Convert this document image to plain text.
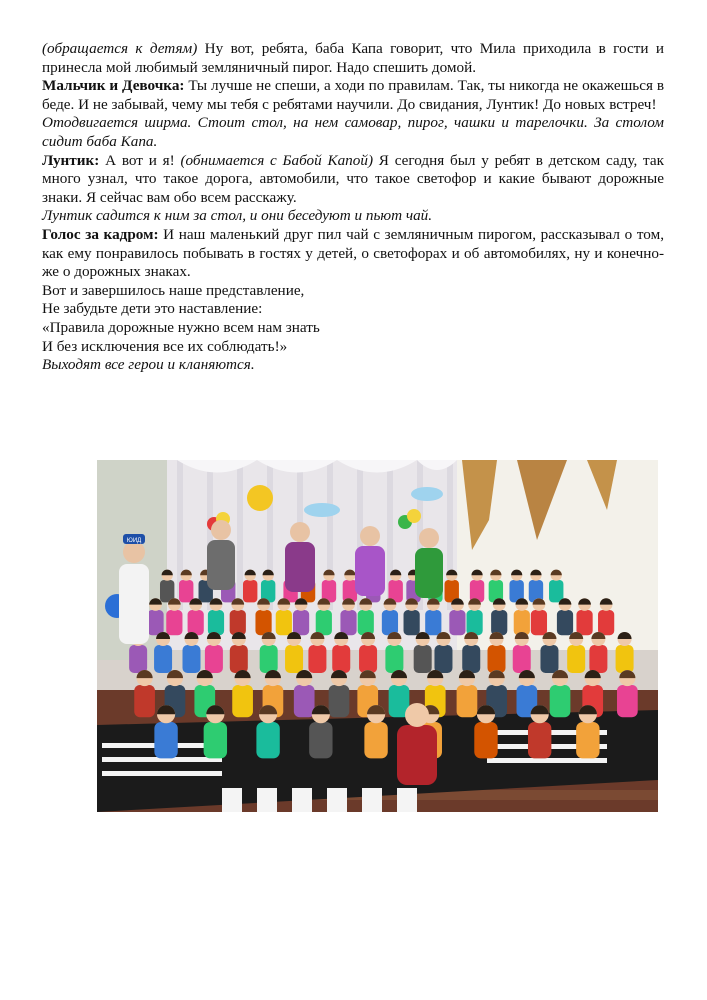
(обращается к детям) Ну вот, ребята, баба Капа говорит, что Мила приходила в гости и принесла мой любимый земляничный пирог. Надо спешить домой.

Мальчик и Девочка: Ты лучше не спеши, а ходи по правилам. Так, ты никогда не окажешься в беде. И не забывай, чему мы тебя с ребятами научили. До свидания, Лунтик! До новых встреч!

Отодвигается ширма. Стоит стол, на нем самовар, пирог, чашки и тарелочки. За столом сидит баба Капа.

Лунтик: А вот и я! (обнимается с Бабой Капой) Я сегодня был у ребят в детском саду, так много узнал, что такое дорога, автомобили, что такое светофор и какие бывают дорожные знаки. Я сейчас вам обо всем расскажу.

Лунтик садится к ним за стол, и они беседуют и пьют чай.

Голос за кадром: И наш маленький друг пил чай с земляничным пирогом, рассказывал о том, как ему понравилось побывать в гостях у детей, о светофорах и об автомобилях, ну и конечно-же о дорожных знаках.

Вот и завершилось наше представление,

Не забудьте дети это наставление:

«Правила дорожные нужно всем нам знать

И без исключения все их соблюдать!»

Выходят все герои и кланяются.

ЮИД
